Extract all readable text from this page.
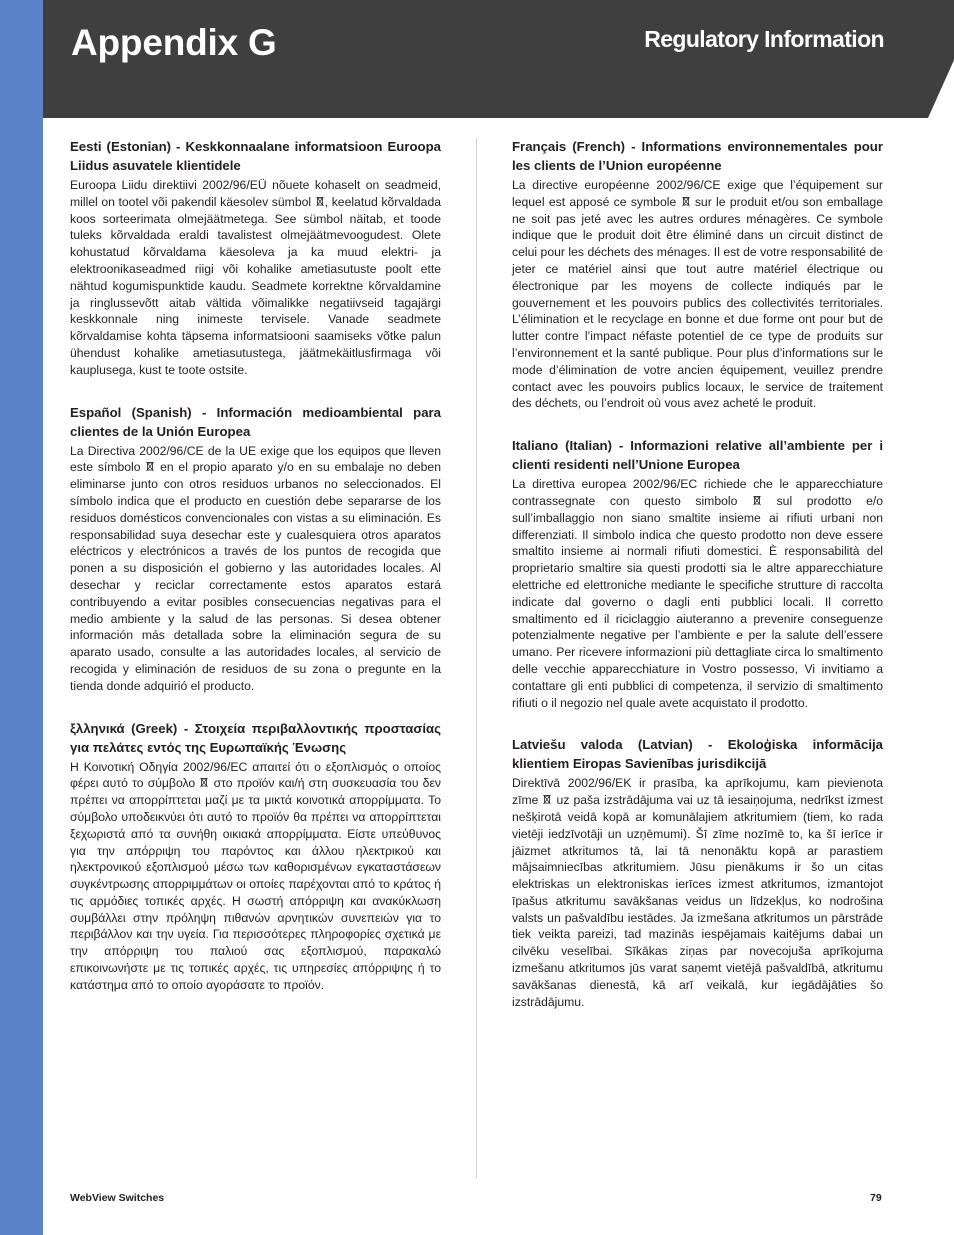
Appendix G	Regulatory Information
Eesti (Estonian) - Keskkonnaalane informatsioon Euroopa Liidus asuvatele klientidele

Euroopa Liidu direktiivi 2002/96/EÜ nõuete kohaselt on seadmeid, millel on tootel või pakendil käesolev sümbol , keelatud kõrvaldada koos sorteerimata olmejäätmetega. See sümbol näitab, et toode tuleks kõrvaldada eraldi tavalistest olmejäätmevoogudest. Olete kohustatud kõrvaldama käesoleva ja ka muud elektri- ja elektroonikaseadmed riigi või kohalike ametiasutuste poolt ette nähtud kogumispunktide kaudu. Seadmete korrektne kõrvaldamine ja ringlussevõtt aitab vältida võimalikke negatiivseid tagajärgi keskkonnale ning inimeste tervisele. Vanade seadmete kõrvaldamise kohta täpsema informatsiooni saamiseks võtke palun ühendust kohalike ametiasutustega, jäätmekäitlusfirmaga või kauplusega, kust te toote ostsite.

Español (Spanish) - Información medioambiental para clientes de la Unión Europea

La Directiva 2002/96/CE de la UE exige que los equipos que lleven este símbolo  en el propio aparato y/o en su embalaje no deben eliminarse junto con otros residuos urbanos no seleccionados. El símbolo indica que el producto en cuestión debe separarse de los residuos domésticos convencionales con vistas a su eliminación. Es responsabilidad suya desechar este y cualesquiera otros aparatos eléctricos y electrónicos a través de los puntos de recogida que ponen a su disposición el gobierno y las autoridades locales. Al desechar y reciclar correctamente estos aparatos estará contribuyendo a evitar posibles consecuencias negativas para el medio ambiente y la salud de las personas. Si desea obtener información más detallada sobre la eliminación segura de su aparato usado, consulte a las autoridades locales, al servicio de recogida y eliminación de residuos de su zona o pregunte en la tienda donde adquirió el producto.

ξλληνικά (Greek) - Στοιχεία περιβαλλοντικής προστασίας για πελάτες εντός της Ευρωπαϊκής Ένωσης

Η Κοινοτική Οδηγία 2002/96/EC απαιτεί ότι ο εξοπλισμός ο οποίος φέρει αυτό το σύμβολο  στο προϊόν και/ή στη συσκευασία του δεν πρέπει να απορρίπτεται μαζί με τα μικτά κοινοτικά απορρίμματα. Το σύμβολο υποδεικνύει ότι αυτό το προϊόν θα πρέπει να απορρίπτεται ξεχωριστά από τα συνήθη οικιακά απορρίμματα. Είστε υπεύθυνος για την απόρριψη του παρόντος και άλλου ηλεκτρικού και ηλεκτρονικού εξοπλισμού μέσω των καθορισμένων εγκαταστάσεων συγκέντρωσης απορριμμάτων οι οποίες παρέχονται από το κράτος ή τις αρμόδιες τοπικές αρχές. Η σωστή απόρριψη και ανακύκλωση συμβάλλει στην πρόληψη πιθανών αρνητικών συνεπειών για το περιβάλλον και την υγεία. Για περισσότερες πληροφορίες σχετικά με την απόρριψη του παλιού σας εξοπλισμού, παρακαλώ επικοινωνήστε με τις τοπικές αρχές, τις υπηρεσίες απόρριψης ή το κατάστημα από το οποίο αγοράσατε το προϊόν.

Français (French) - Informations environnementales pour les clients de l’Union européenne

La directive européenne 2002/96/CE exige que l’équipement sur lequel est apposé ce symbole  sur le produit et/ou son emballage ne soit pas jeté avec les autres ordures ménagères. Ce symbole indique que le produit doit être éliminé dans un circuit distinct de celui pour les déchets des ménages. Il est de votre responsabilité de jeter ce matériel ainsi que tout autre matériel électrique ou électronique par les moyens de collecte indiqués par le gouvernement et les pouvoirs publics des collectivités territoriales. L’élimination et le recyclage en bonne et due forme ont pour but de lutter contre l’impact néfaste potentiel de ce type de produits sur l’environnement et la santé publique. Pour plus d’informations sur le mode d’élimination de votre ancien équipement, veuillez prendre contact avec les pouvoirs publics locaux, le service de traitement des déchets, ou l’endroit où vous avez acheté le produit.

Italiano (Italian) - Informazioni relative all’ambiente per i clienti residenti nell’Unione Europea

La direttiva europea 2002/96/EC richiede che le apparecchiature contrassegnate con questo simbolo  sul prodotto e/o sull’imballaggio non siano smaltite insieme ai rifiuti urbani non differenziati. Il simbolo indica che questo prodotto non deve essere smaltito insieme ai normali rifiuti domestici. È responsabilità del proprietario smaltire sia questi prodotti sia le altre apparecchiature elettriche ed elettroniche mediante le specifiche strutture di raccolta indicate dal governo o dagli enti pubblici locali. Il corretto smaltimento ed il riciclaggio aiuteranno a prevenire conseguenze potenzialmente negative per l’ambiente e per la salute dell’essere umano. Per ricevere informazioni più dettagliate circa lo smaltimento delle vecchie apparecchiature in Vostro possesso, Vi invitiamo a contattare gli enti pubblici di competenza, il servizio di smaltimento rifiuti o il negozio nel quale avete acquistato il prodotto.

Latviešu valoda (Latvian) - Ekoloģiska informācija klientiem Eiropas Savienības jurisdikcijā

Direktīvā 2002/96/EK ir prasība, ka aprīkojumu, kam pievienota zīme  uz paša izstrādājuma vai uz tā iesaiņojuma, nedrīkst izmest nešķirotā veidā kopā ar komunālajiem atkritumiem (tiem, ko rada vietēji iedzīvotāji un uzņēmumi). Šī zīme nozīmē to, ka šī ierīce ir jāizmet atkritumos tā, lai tā nenonāktu kopā ar parastiem mājsaimniecības atkritumiem. Jūsu pienākums ir šo un citas elektriskas un elektroniskas ierīces izmest atkritumos, izmantojot īpašus atkritumu savākšanas veidus un līdzekļus, ko nodrošina valsts un pašvaldību iestādes. Ja izmešana atkritumos un pārstrāde tiek veikta pareizi, tad mazinās iespējamais kaitējums dabai un cilvēku veselībai. Sīkākas ziņas par novecojuša aprīkojuma izmešanu atkritumos jūs varat saņemt vietējā pašvaldībā, atkritumu savākšanas dienestā, kā arī veikalā, kur iegādājāties šo izstrādājumu.

WebView Switches	79
